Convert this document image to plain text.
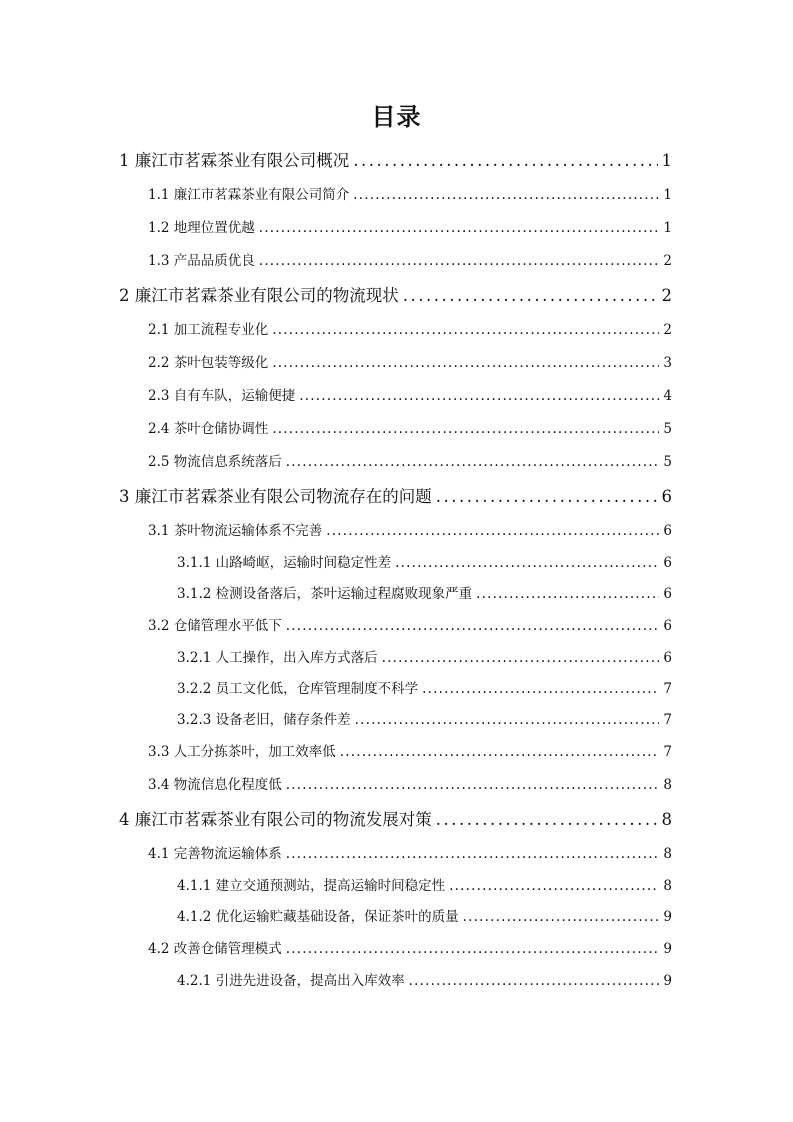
目录
1 廉江市茗霖茶业有限公司概况 .....	1
1.1 廉江市茗霖茶业有限公司简介 .....	1
1.2 地理位置优越 .....	1
1.3 产品品质优良 .....	2
2 廉江市茗霖茶业有限公司的物流现状 .....	2
2.1 加工流程专业化 .....	2
2.2 茶叶包装等级化 .....	3
2.3 自有车队，运输便捷 .....	4
2.4 茶叶仓储协调性 .....	5
2.5 物流信息系统落后 .....	5
3 廉江市茗霖茶业有限公司物流存在的问题 .....	6
3.1 茶叶物流运输体系不完善 .....	6
3.1.1 山路崎岖，运输时间稳定性差 .....	6
3.1.2 检测设备落后，茶叶运输过程腐败现象严重 .....	6
3.2 仓储管理水平低下 .....	6
3.2.1 人工操作，出入库方式落后 .....	6
3.2.2 员工文化低，仓库管理制度不科学 .....	7
3.2.3 设备老旧，储存条件差 .....	7
3.3 人工分拣茶叶，加工效率低 .....	7
3.4 物流信息化程度低 .....	8
4 廉江市茗霖茶业有限公司的物流发展对策 .....	8
4.1 完善物流运输体系 .....	8
4.1.1 建立交通预测站，提高运输时间稳定性 .....	8
4.1.2 优化运输贮藏基础设备，保证茶叶的质量 .....	9
4.2 改善仓储管理模式 .....	9
4.2.1 引进先进设备，提高出入库效率 .....	9
